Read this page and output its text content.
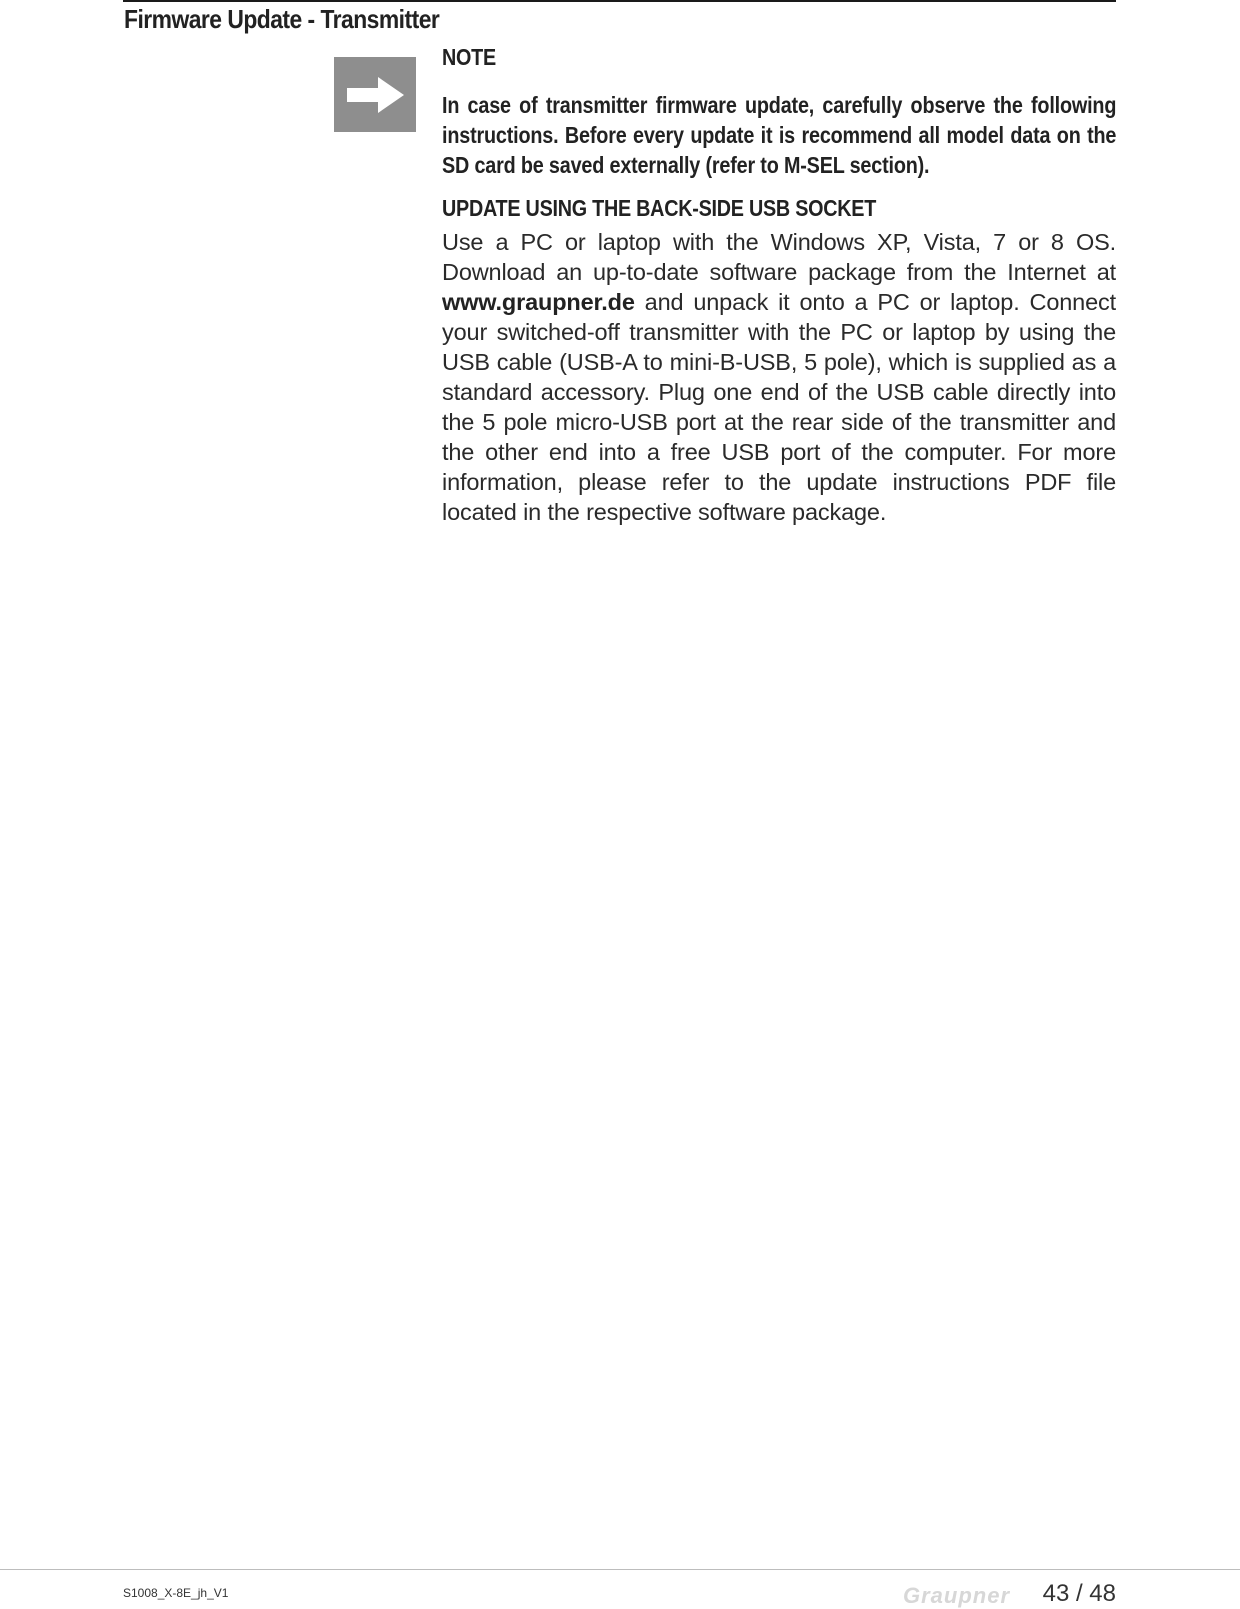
Firmware Update - Transmitter
NOTE
In case of transmitter firmware update, carefully observe the following instructions. Before every update it is recommend all model data on the SD card be saved externally (refer to M-SEL section).
UPDATE USING THE BACK-SIDE USB SOCKET
Use a PC or laptop with the Windows XP, Vista, 7 or 8 OS. Download an up-to-date software package from the Internet at www.graupner.de and unpack it onto a PC or laptop. Connect your switched-off transmitter with the PC or laptop by using the USB cable (USB-A to mini-B-USB, 5 pole), which is supplied as a standard accessory. Plug one end of the USB cable directly into the 5 pole micro-USB port at the rear side of the transmitter and the other end into a free USB port of the computer. For more information, please refer to the update instructions PDF file located in the respective software package.
S1008_X-8E_jh_V1	Graupner 43 / 48
